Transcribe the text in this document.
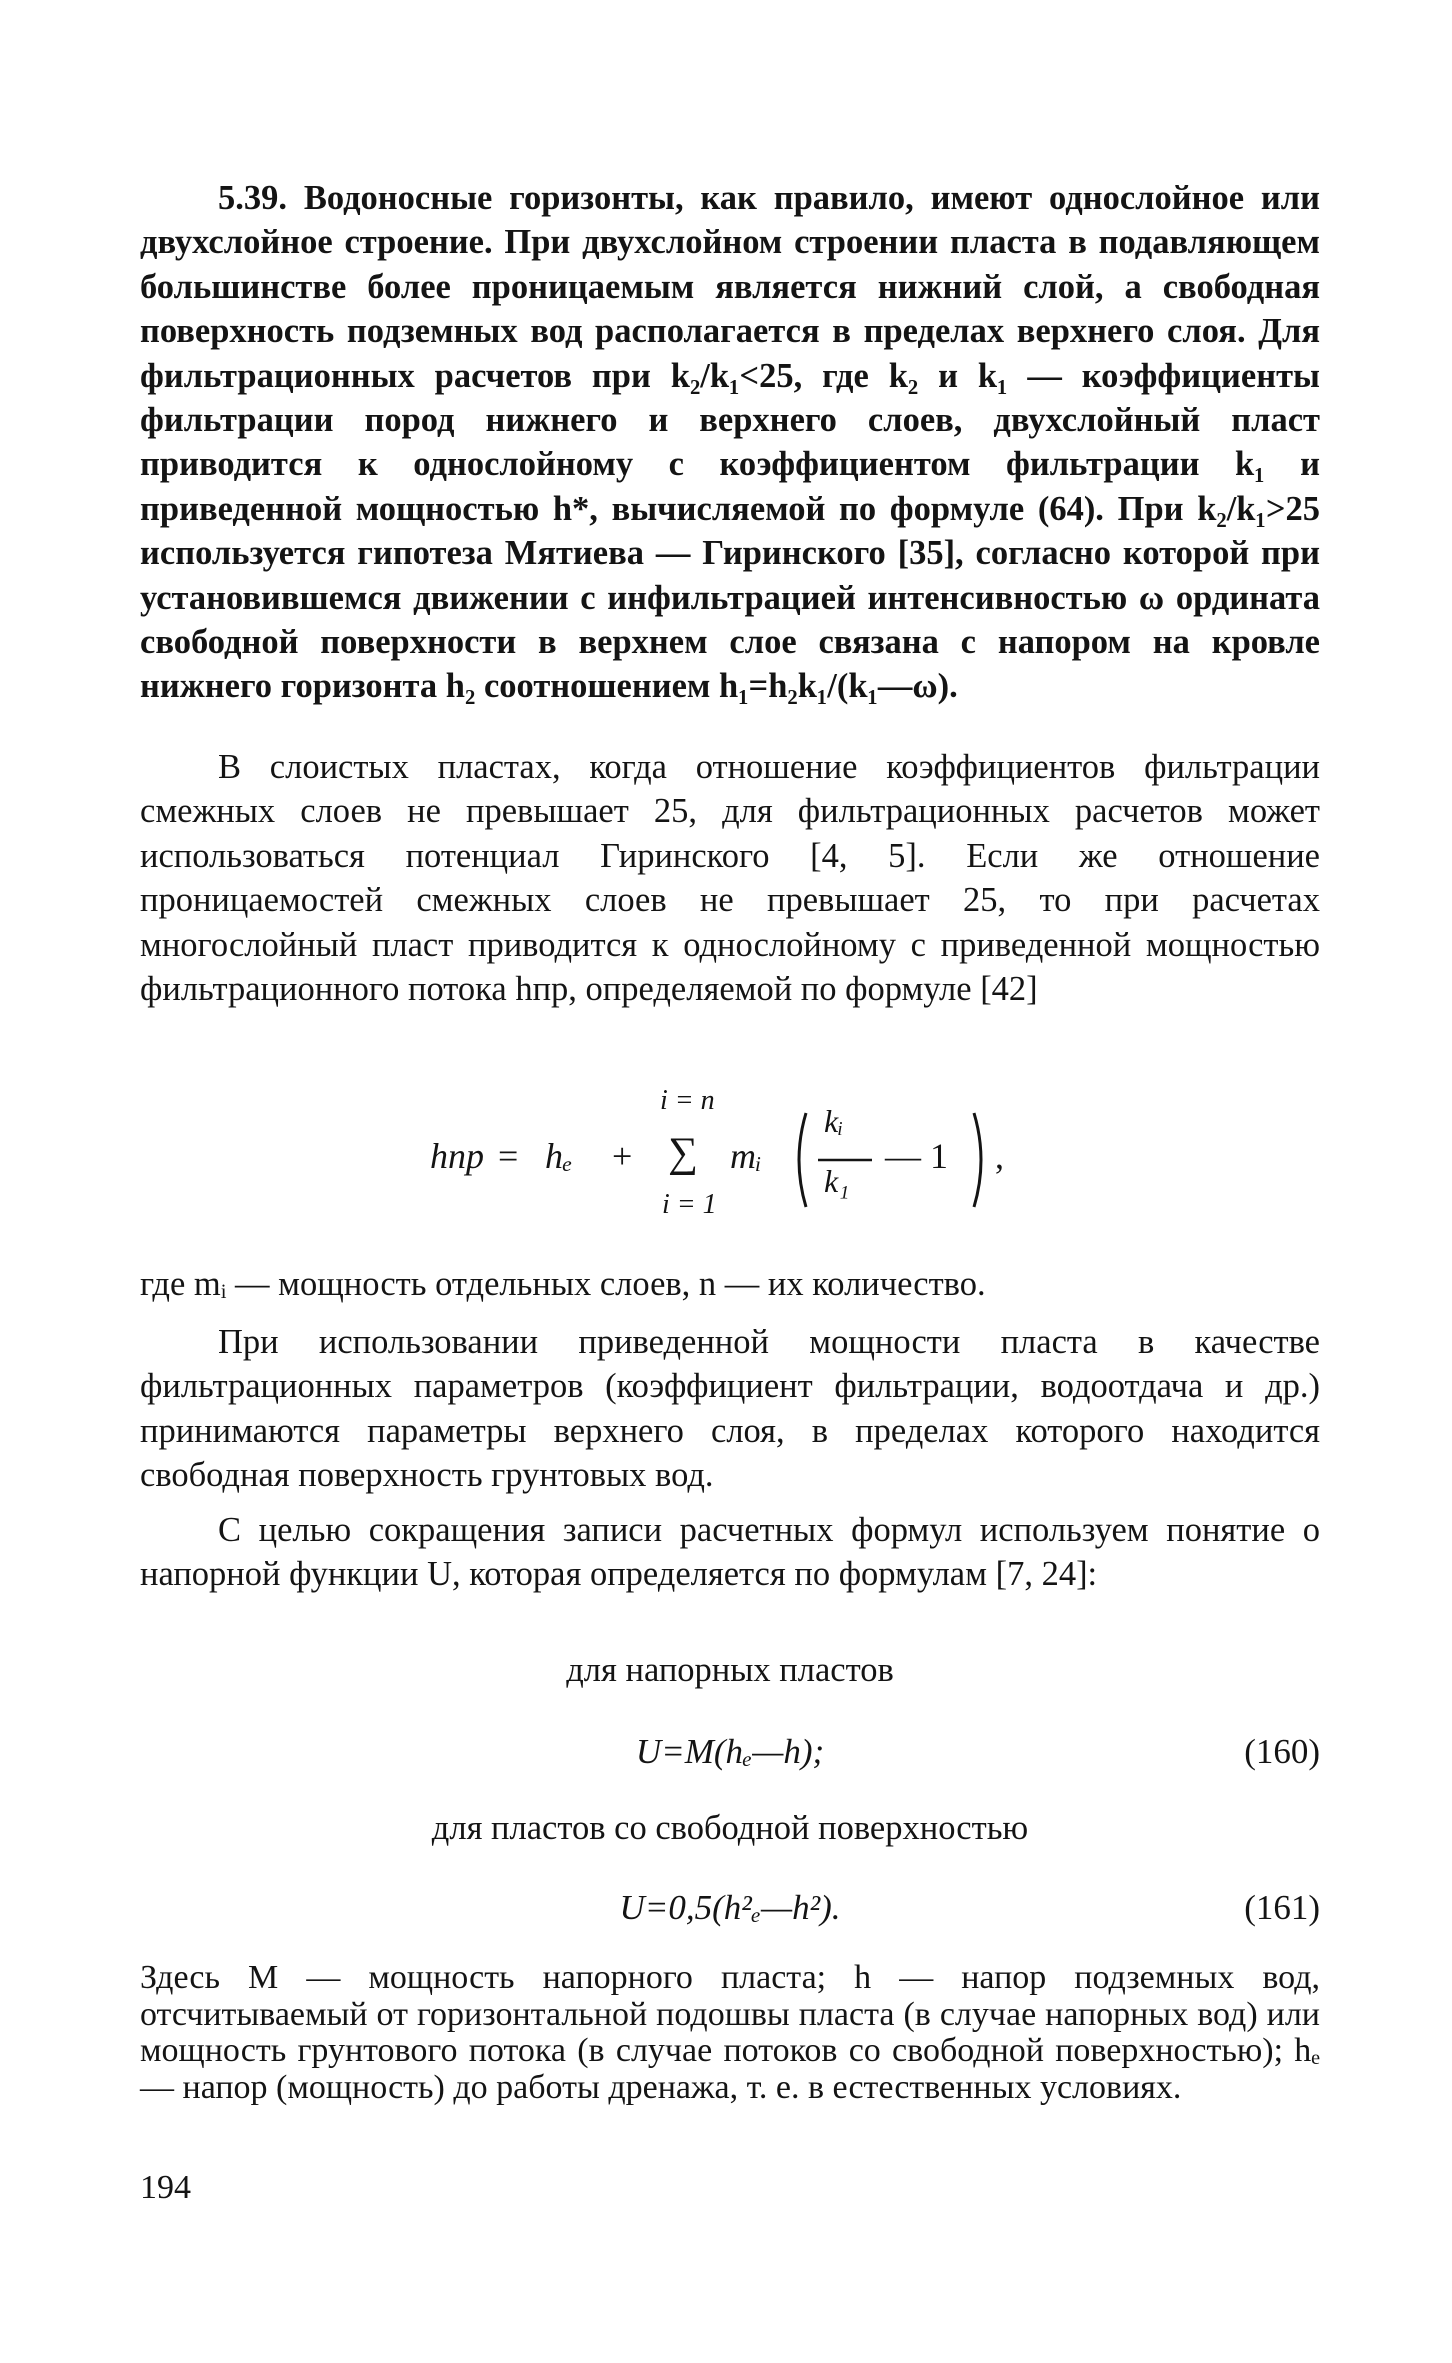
5.39. Водоносные горизонты, как правило, имеют однослойное или двухслойное строение. При двухслойном строении пласта в подавляющем большинстве более проницаемым является нижний слой, а свободная поверхность подземных вод располагается в пределах верхнего слоя. Для фильтрационных расчетов при k₂/k₁<25, где k₂ и k₁ — коэффициенты фильтрации пород нижнего и верхнего слоев, двухслойный пласт приводится к однослойному с коэффициентом фильтрации k₁ и приведенной мощностью h*, вычисляемой по формуле (64). При k₂/k₁>25 используется гипотеза Мятиева — Гиринского [35], согласно которой при установившемся движении с инфильтрацией интенсивностью ω ордината свободной поверхности в верхнем слое связана с напором на кровле нижнего горизонта h₂ соотношением h₁=h₂k₁/(k₁—ω).

В слоистых пластах, когда отношение коэффициентов фильтрации смежных слоев не превышает 25, для фильтрационных расчетов может использоваться потенциал Гиринского [4, 5]. Если же отношение проницаемостей смежных слоев не превышает 25, то при расчетах многослойный пласт приводится к однослойному с приведенной мощностью фильтрационного потока hпр, определяемой по формуле [42]

hпр = hₑ +
i = n
∑
i = 1
mᵢ
kᵢ
k₁
— 1 ,

где mᵢ — мощность отдельных слоев, n — их количество.

При использовании приведенной мощности пласта в качестве фильтрационных параметров (коэффициент фильтрации, водоотдача и др.) принимаются параметры верхнего слоя, в пределах которого находится свободная поверхность грунтовых вод.

С целью сокращения записи расчетных формул используем понятие о напорной функции U, которая определяется по формулам [7, 24]:

для напорных пластов
U=M(hₑ—h);	(160)
для пластов со свободной поверхностью
U=0,5(h²ₑ—h²).	(161)

Здесь M — мощность напорного пласта; h — напор подземных вод, отсчитываемый от горизонтальной подошвы пласта (в случае напорных вод) или мощность грунтового потока (в случае потоков со свободной поверхностью); hₑ — напор (мощность) до работы дренажа, т. е. в естественных условиях.

194
